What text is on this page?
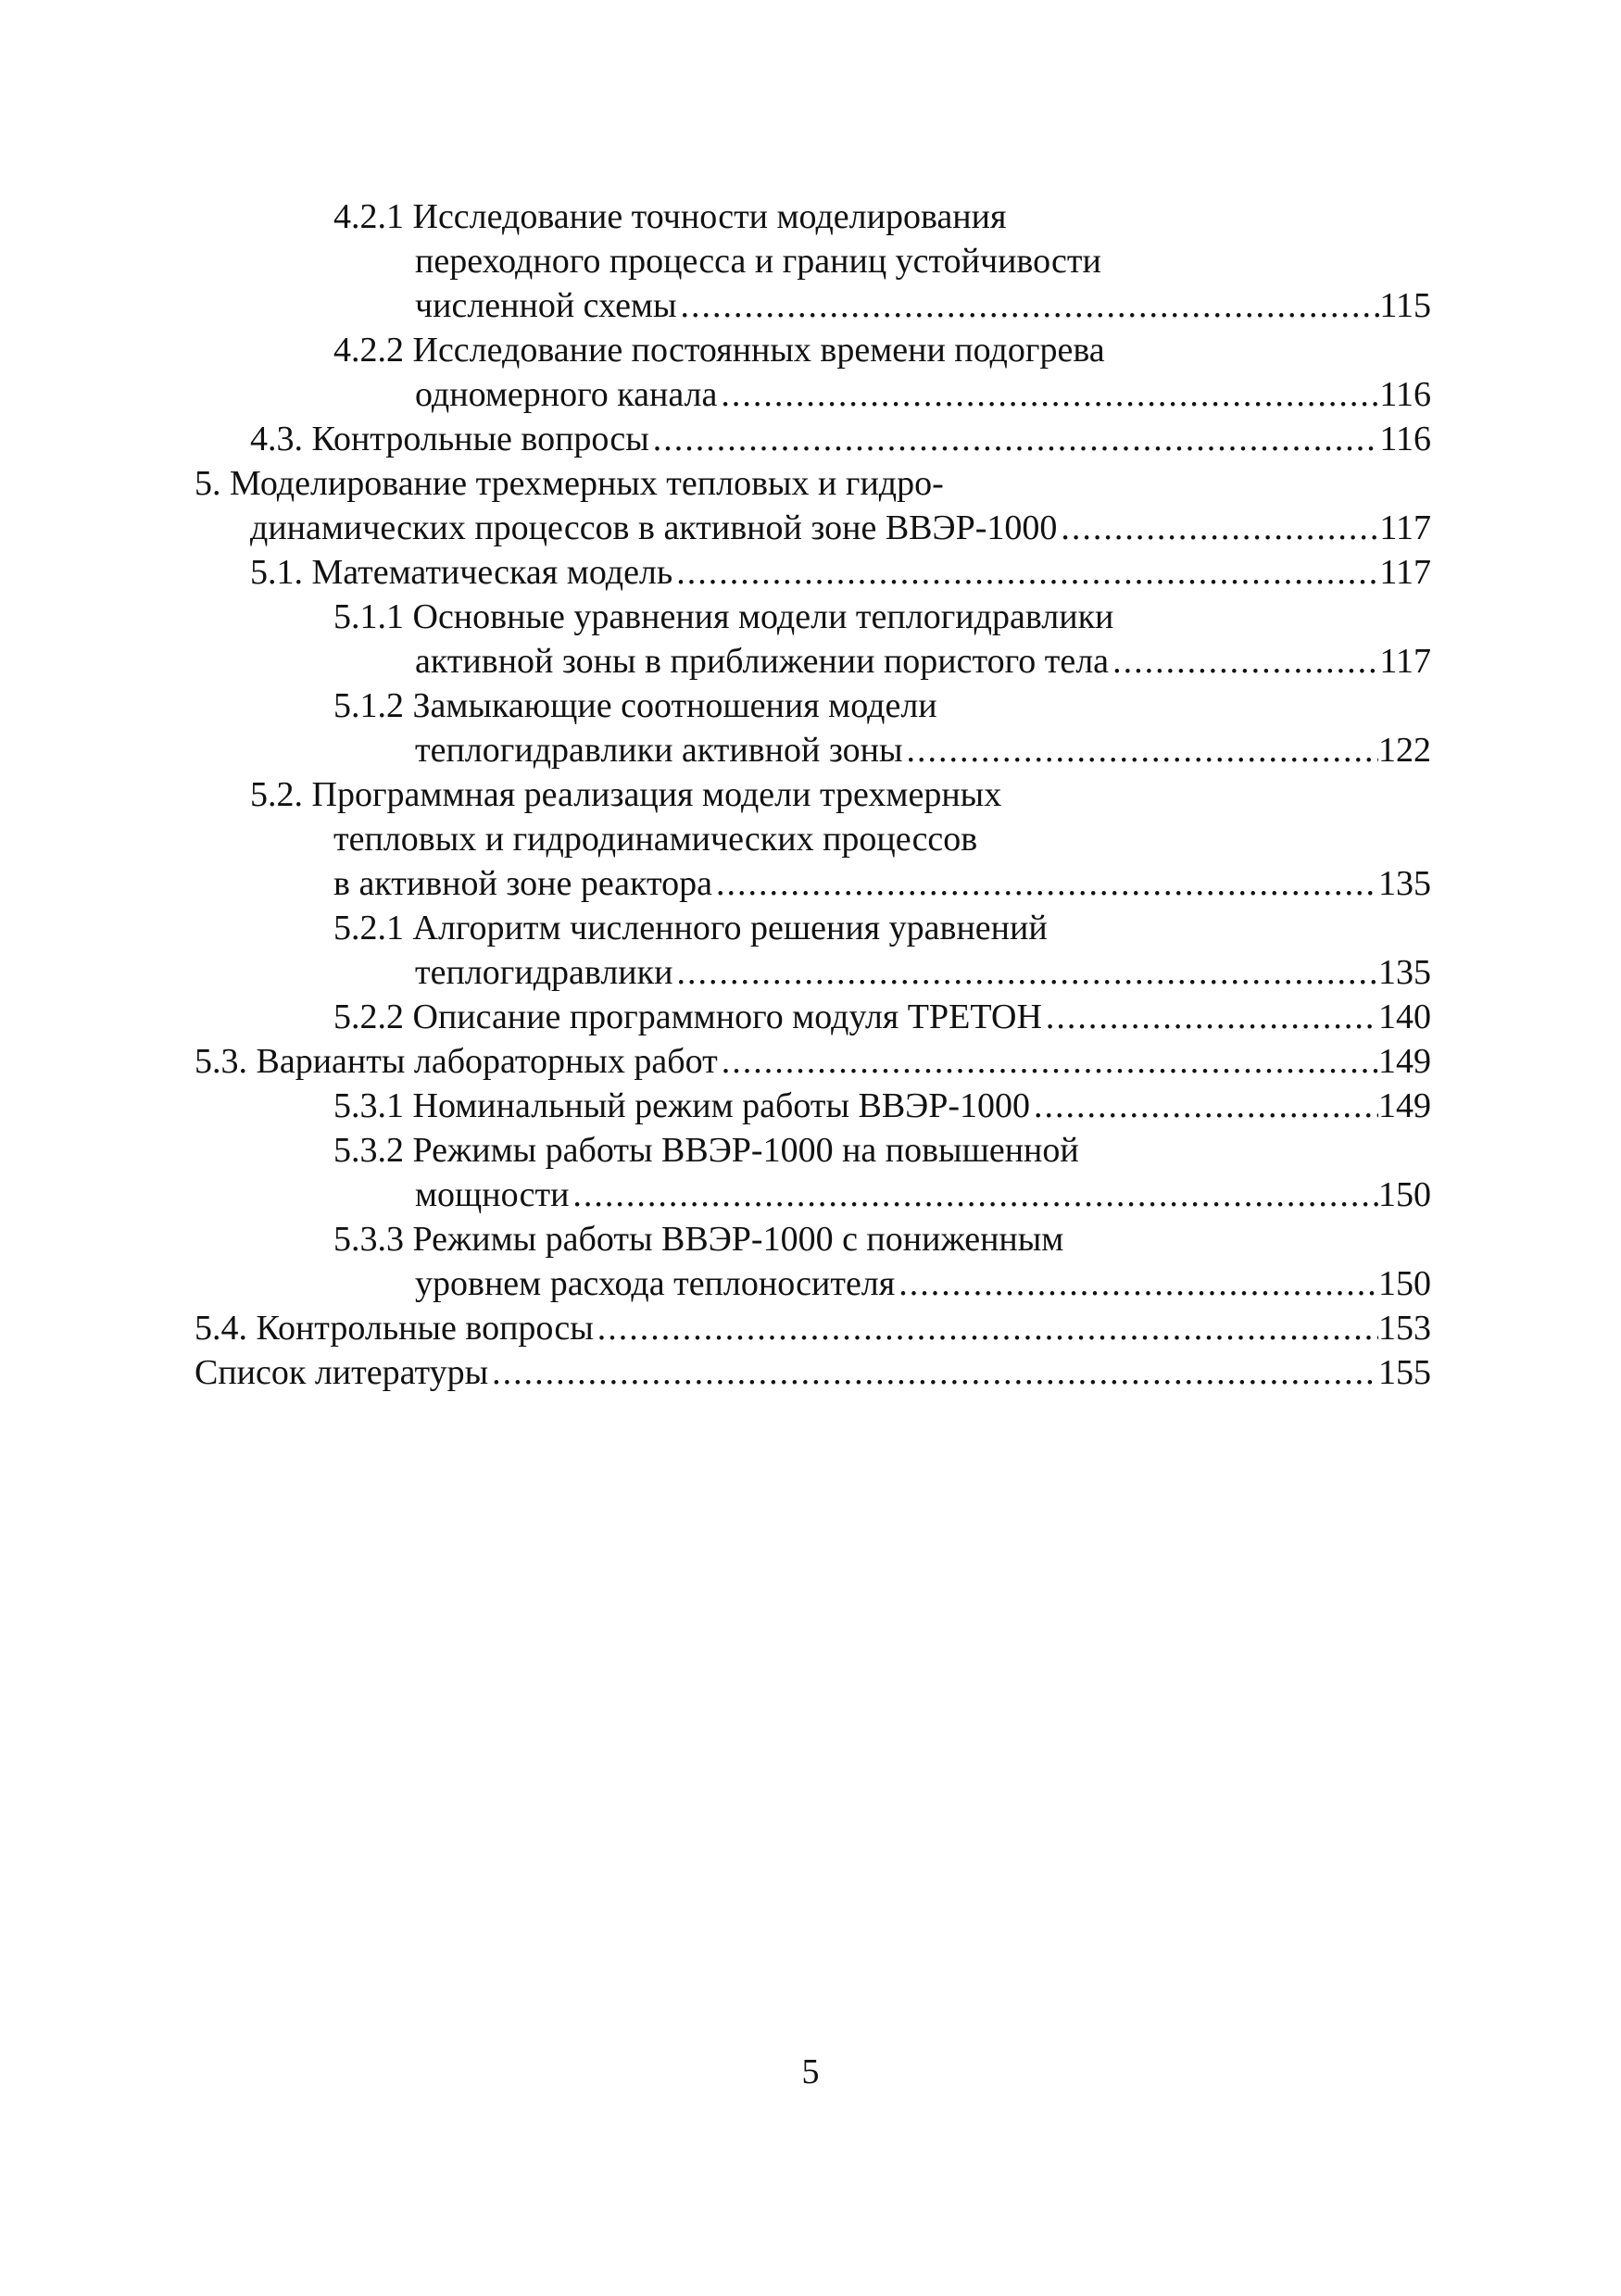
4.2.1 Исследование точности моделирования
переходного процесса и границ устойчивости
численной схемы .....	115
4.2.2 Исследование постоянных времени подогрева
одномерного канала .....	116
4.3. Контрольные вопросы .....	116
5. Моделирование трехмерных тепловых и гидро-
динамических процессов в активной зоне ВВЭР-1000 .....	117
5.1. Математическая модель .....	117
5.1.1 Основные уравнения модели теплогидравлики
активной зоны в приближении пористого тела .....	117
5.1.2 Замыкающие соотношения модели
теплогидравлики активной зоны .....	122
5.2. Программная реализация модели трехмерных
тепловых и гидродинамических процессов
в активной зоне реактора .....	135
5.2.1 Алгоритм численного решения уравнений
теплогидравлики .....	135
5.2.2 Описание программного модуля ТРЕТОН .....	140
5.3. Варианты лабораторных работ .....	149
5.3.1 Номинальный режим работы ВВЭР-1000 .....	149
5.3.2 Режимы работы ВВЭР-1000 на повышенной
мощности .....	150
5.3.3 Режимы работы ВВЭР-1000 с пониженным
уровнем расхода теплоносителя .....	150
5.4. Контрольные вопросы .....	153
Список литературы .....	155
5
